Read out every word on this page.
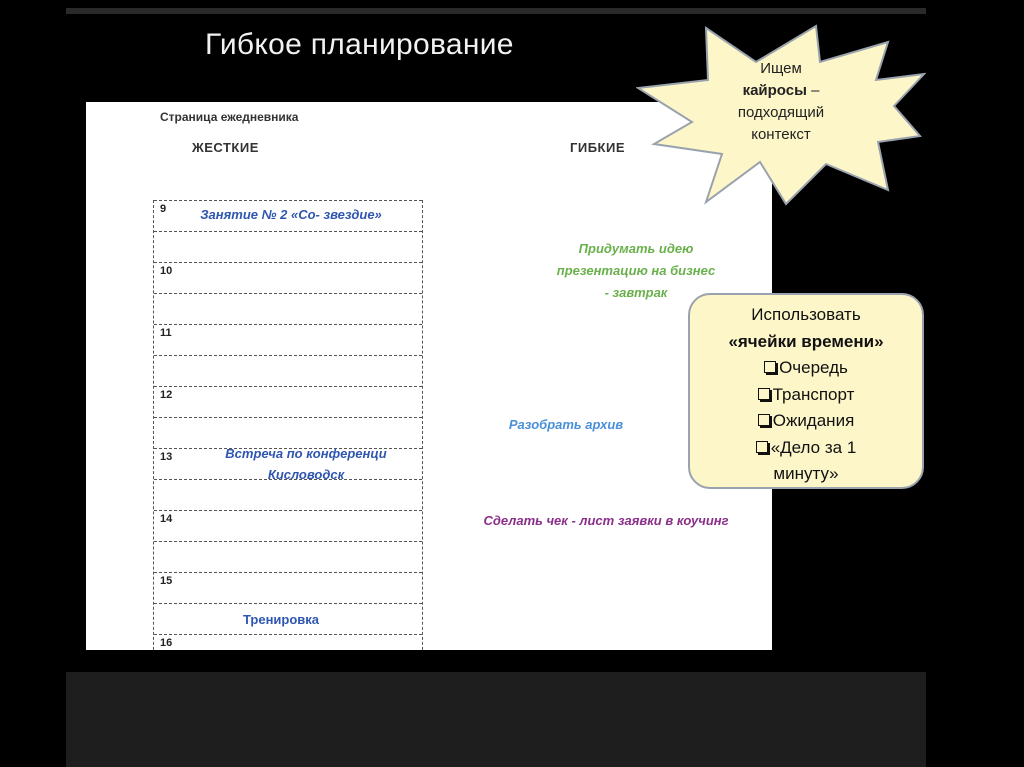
Гибкое планирование
Страница ежедневника
ЖЕСТКИЕ	ГИБКИЕ
9
10
11
12
13
14
15
16
Занятие № 2 «Со- звездие»
Встреча по конференци
Кисловодск
Тренировка
Придумать идею
презентацию на бизнес
- завтрак
Разобрать архив
Сделать чек - лист заявки в коучинг
Ищем
кайросы –
подходящий
контекст
Использовать
«ячейки времени»
Очередь
Транспорт
Ожидания
«Дело за 1
минуту»
